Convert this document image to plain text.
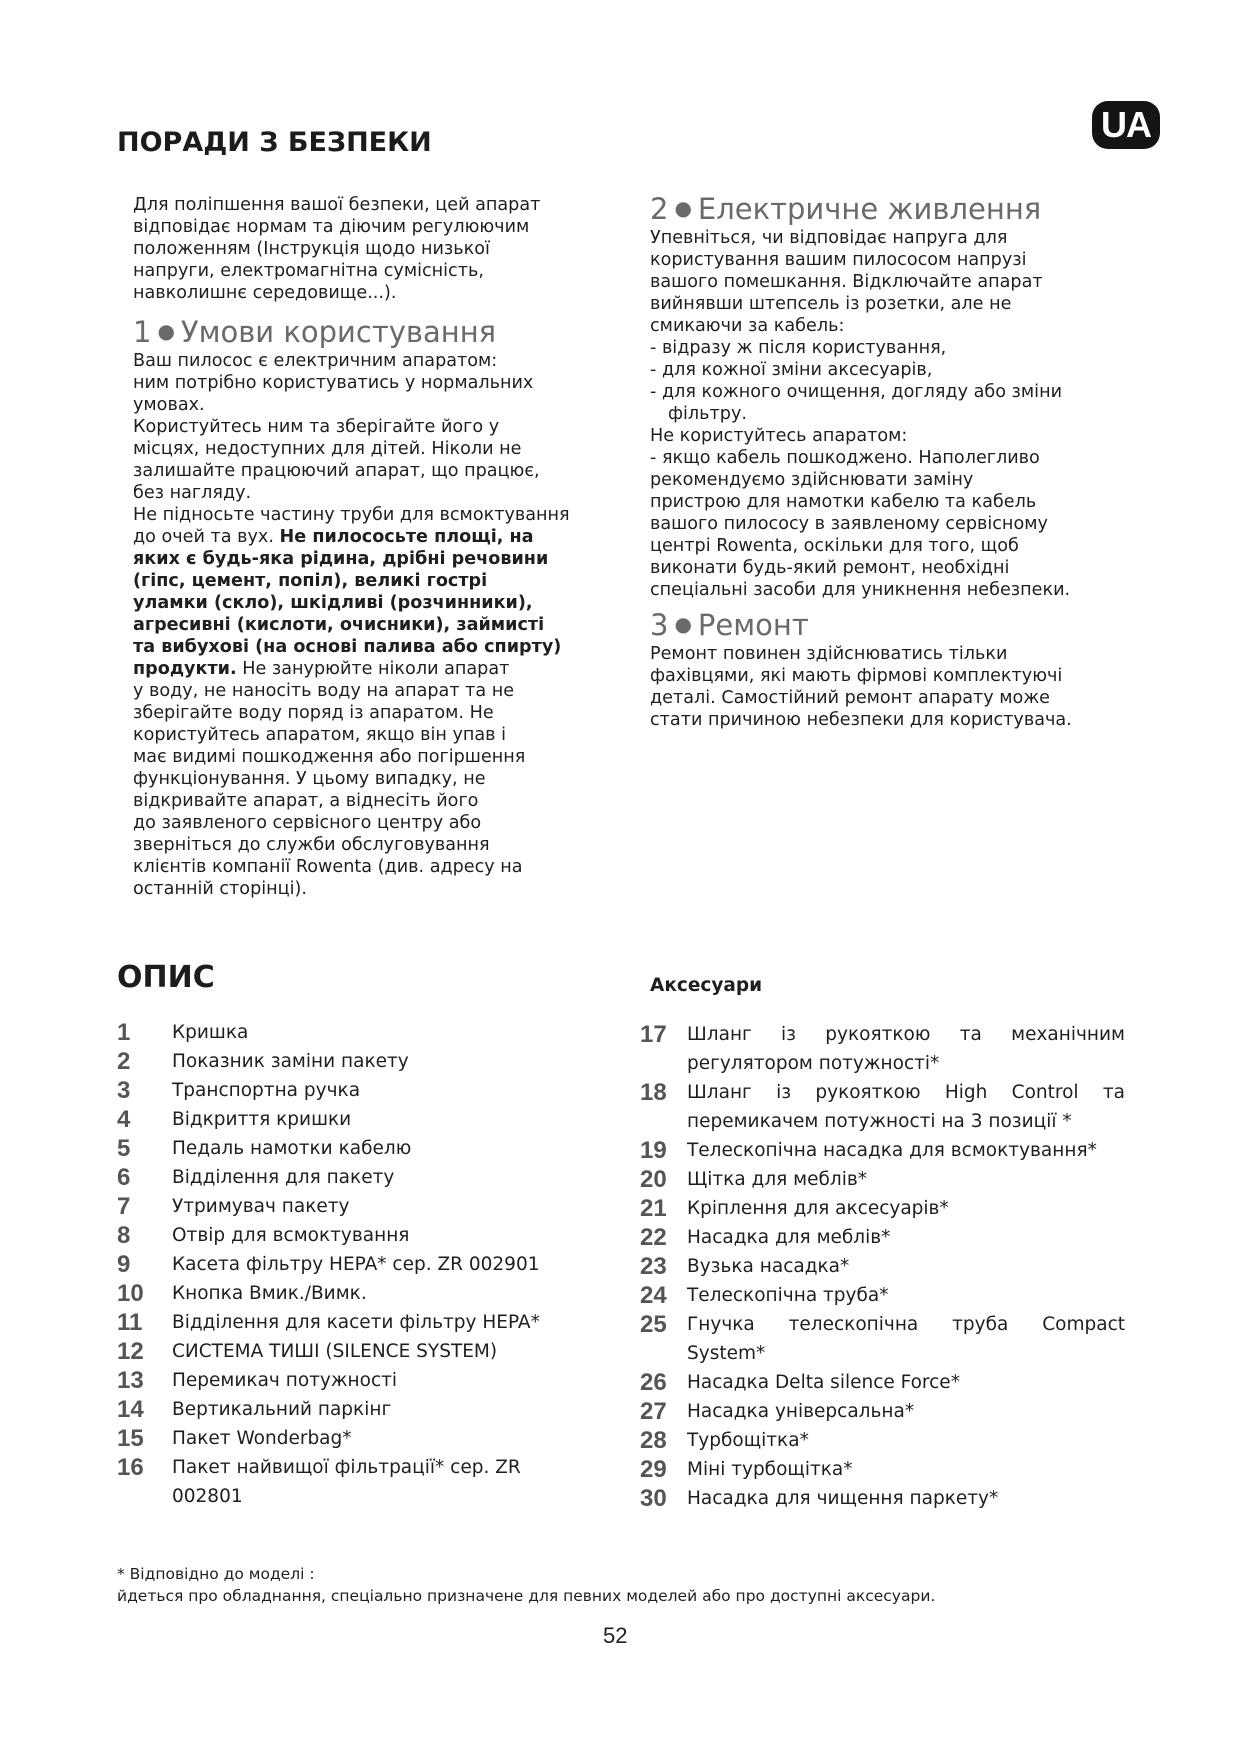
UA
ПОРАДИ З БЕЗПЕКИ

Для поліпшення вашої безпеки, цей апарат

відповідає нормам та діючим регулюючим

положенням (Інструкція щодо низької

напруги, електромагнітна сумісність,

навколишнє середовище...).

1 ● Умови користування

Ваш пилосос є електричним апаратом:

ним потрібно користуватись у нормальних

умовах.

Користуйтесь ним та зберігайте його у

місцях, недоступних для дітей. Ніколи не

залишайте працюючий апарат, що працює,

без нагляду.

Не підносьте частину труби для всмоктування

до очей та вух. Не пилососьте площі, на

яких є будь-яка рідина, дрібні речовини

(гіпс, цемент, попіл), великі гострі

уламки (скло), шкідливі (розчинники),

агресивні (кислоти, очисники), займисті

та вибухові (на основі палива або спирту)

продукти. Не занурюйте ніколи апарат

у воду, не наносіть воду на апарат та не

зберігайте воду поряд із апаратом. Не

користуйтесь апаратом, якщо він упав і

має видимі пошкодження або погіршення

функціонування. У цьому випадку, не

відкривайте апарат, а віднесіть його

до заявленого сервісного центру або

зверніться до служби обслуговування

клієнтів компанії Rowenta (див. адресу на

останній сторінці).

2 ● Електричне живлення

Упевніться, чи відповідає напруга для

користування вашим пилососом напрузі

вашого помешкання. Відключайте апарат

вийнявши штепсель із розетки, але не

смикаючи за кабель:

- відразу ж після користування,

- для кожної зміни аксесуарів,

- для кожного очищення, догляду або зміни

фільтру.

Не користуйтесь апаратом:

- якщо кабель пошкоджено. Наполегливо

рекомендуємо здійснювати заміну

пристрою для намотки кабелю та кабель

вашого пилососу в заявленому сервісному

центрі Rowenta, оскільки для того, щоб

виконати будь-який ремонт, необхідні

спеціальні засоби для уникнення небезпеки.

3 ● Ремонт

Ремонт повинен здійснюватись тільки

фахівцями, які мають фірмові комплектуючі

деталі. Самостійний ремонт апарату може

стати причиною небезпеки для користувача.

ОПИС	Аксесуари
1 Кришка
2 Показник заміни пакету
3 Транспортна ручка
4 Відкриття кришки
5 Педаль намотки кабелю
6 Відділення для пакету
7 Утримувач пакету
8 Отвір для всмоктування
9 Касета фільтру HEPA* сер. ZR 002901
10 Кнопка Вмик./Вимк.
11 Відділення для касети фільтру HEPA*
12 СИСТЕМА ТИШІ (SILENCE SYSTEM)
13 Перемикач потужності
14 Вертикальний паркінг
15 Пакет Wonderbag*
16 Пакет найвищої фільтрації* сер. ZR 002801
17 Шланг із рукояткою та механічним регулятором потужності*
18 Шланг із рукояткою High Control та перемикачем потужності на 3 позиції *
19 Телескопічна насадка для всмоктування*
20 Щітка для меблів*
21 Кріплення для аксесуарів*
22 Насадка для меблів*
23 Вузька насадка*
24 Телескопічна труба*
25 Гнучка телескопічна труба Compact System*
26 Насадка Delta silence Force*
27 Насадка універсальна*
28 Турбощітка*
29 Міні турбощітка*
30 Насадка для чищення паркету*
* Відповідно до моделі :
йдеться про обладнання, спеціально призначене для певних моделей або про доступні аксесуари.
52
